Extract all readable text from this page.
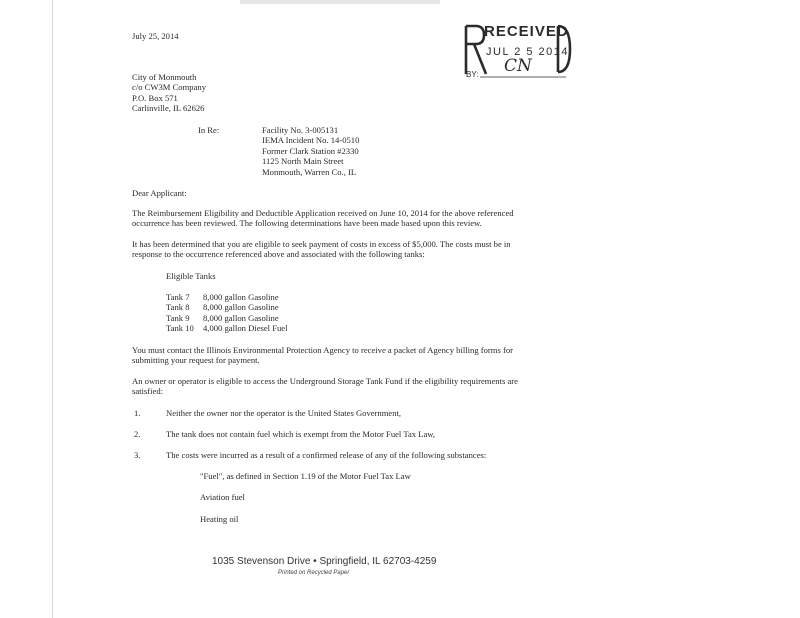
July 25, 2014	RECEIVED
JUL 2 5 2014
BY: CN
City of Monmouth
c/o CW3M Company
P.O. Box 571
Carlinville, IL 62626
In Re:	Facility No. 3-005131
IEMA Incident No. 14-0510
Former Clark Station #2330
1125 North Main Street
Monmouth, Warren Co., IL
Dear Applicant:
The Reimbursement Eligibility and Deductible Application received on June 10, 2014 for the above referenced
occurrence has been reviewed. The following determinations have been made based upon this review.
It has been determined that you are eligible to seek payment of costs in excess of $5,000. The costs must be in
response to the occurrence referenced above and associated with the following tanks:
Eligible Tanks
Tank 7 8,000 gallon Gasoline
Tank 8 8,000 gallon Gasoline
Tank 9 8,000 gallon Gasoline
Tank 10 4,000 gallon Diesel Fuel
You must contact the Illinois Environmental Protection Agency to receive a packet of Agency billing forms for
submitting your request for payment.
An owner or operator is eligible to access the Underground Storage Tank Fund if the eligibility requirements are
satisfied:
1.	Neither the owner nor the operator is the United States Government,
2.	The tank does not contain fuel which is exempt from the Motor Fuel Tax Law,
3.	The costs were incurred as a result of a confirmed release of any of the following substances:
"Fuel", as defined in Section 1.19 of the Motor Fuel Tax Law
Aviation fuel
Heating oil
1035 Stevenson Drive • Springfield, IL 62703-4259
Printed on Recycled Paper
